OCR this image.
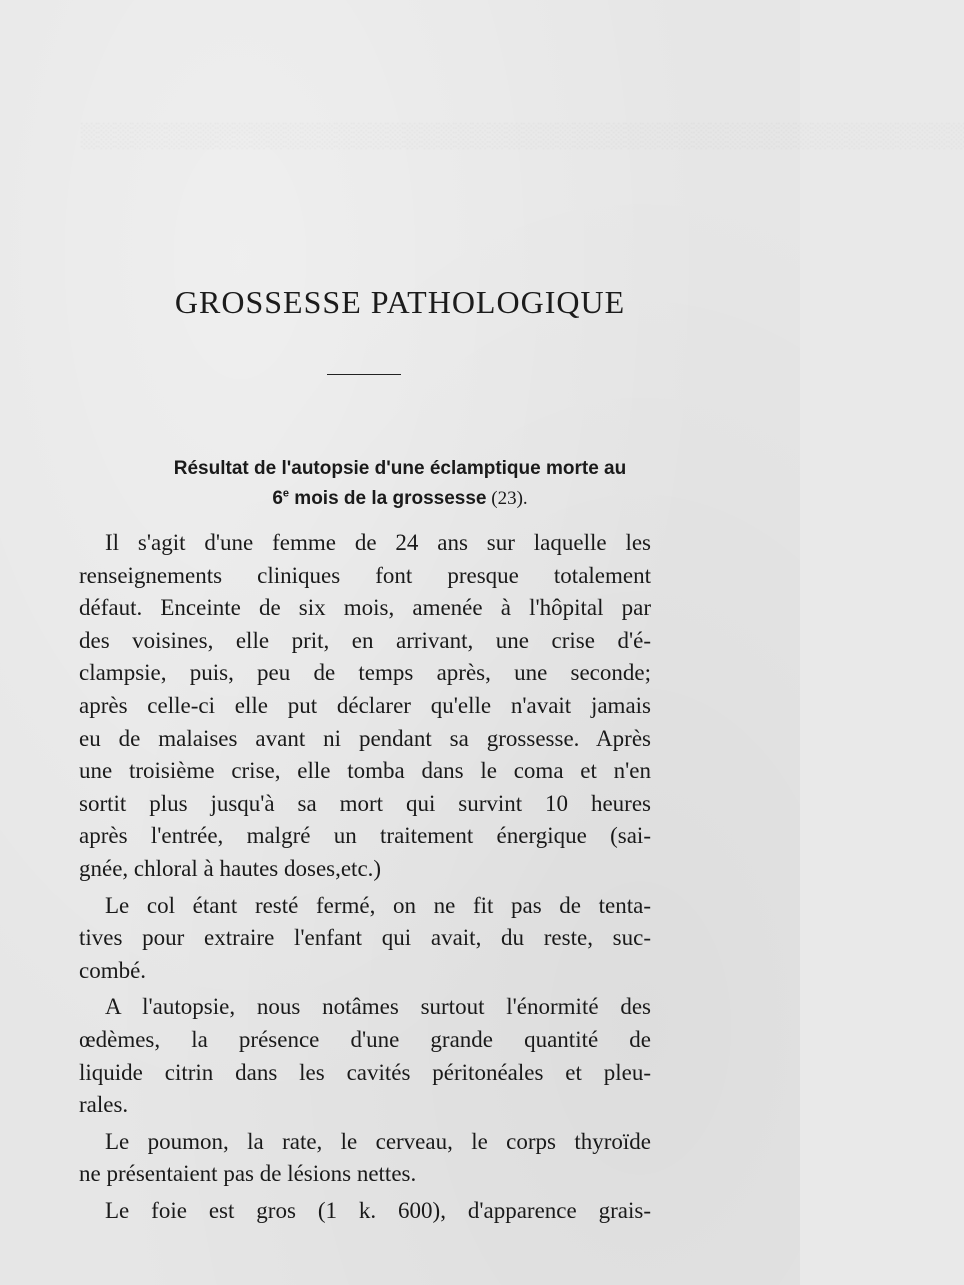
░░░░░░░░░░░░░░░░░░░░░░░░░░░░░░░░░░░░░░░░░░░░░░░░░░░░
GROSSESSE PATHOLOGIQUE
Résultat de l'autopsie d'une éclamptique morte au
6e mois de la grossesse (23).
Il s'agit d'une femme de 24 ans sur laquelle les
renseignements cliniques font presque totalement
défaut. Enceinte de six mois, amenée à l'hôpital par
des voisines, elle prit, en arrivant, une crise d'é-
clampsie, puis, peu de temps après, une seconde;
après celle-ci elle put déclarer qu'elle n'avait jamais
eu de malaises avant ni pendant sa grossesse. Après
une troisième crise, elle tomba dans le coma et n'en
sortit plus jusqu'à sa mort qui survint 10 heures
après l'entrée, malgré un traitement énergique (sai-
gnée, chloral à hautes doses,etc.)
Le col étant resté fermé, on ne fit pas de tenta-
tives pour extraire l'enfant qui avait, du reste, suc-
combé.
A l'autopsie, nous notâmes surtout l'énormité des
œdèmes, la présence d'une grande quantité de
liquide citrin dans les cavités péritonéales et pleu-
rales.
Le poumon, la rate, le cerveau, le corps thyroïde
ne présentaient pas de lésions nettes.
Le foie est gros (1 k. 600), d'apparence grais-
